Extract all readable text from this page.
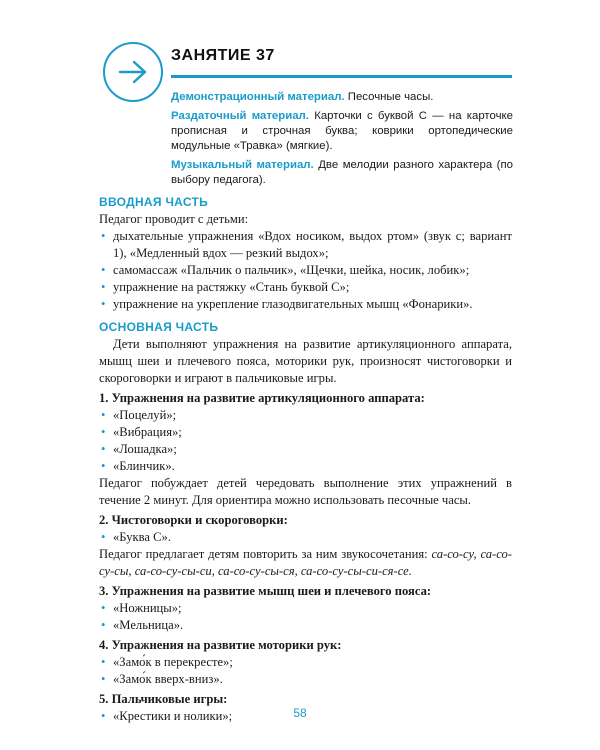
ЗАНЯТИЕ 37

Демонстрационный материал. Песочные часы.

Раздаточный материал. Карточки с буквой С — на карточке прописная и строчная буква; коврики ортопедические модульные «Травка» (мягкие).

Музыкальный материал. Две мелодии разного характера (по выбору педагога).

ВВОДНАЯ ЧАСТЬ

Педагог проводит с детьми:

• дыхательные упражнения «Вдох носиком, выдох ртом» (звук с; вариант 1), «Медленный вдох — резкий выдох»;
• самомассаж «Пальчик о пальчик», «Щечки, шейка, носик, лобик»;
• упражнение на растяжку «Стань буквой С»;
• упражнение на укрепление глазодвигательных мышц «Фонарики».
ОСНОВНАЯ ЧАСТЬ

Дети выполняют упражнения на развитие артикуляционного аппарата, мышц шеи и плечевого пояса, моторики рук, произносят чистоговорки и скороговорки и играют в пальчиковые игры.

1. Упражнения на развитие артикуляционного аппарата:

• «Поцелуй»;
• «Вибрация»;
• «Лошадка»;
• «Блинчик».

Педагог побуждает детей чередовать выполнение этих упражнений в течение 2 минут. Для ориентира можно использовать песочные часы.

2. Чистоговорки и скороговорки:

• «Буква С».

Педагог предлагает детям повторить за ним звукосочетания: са-со-су, са-со-су-сы, са-со-су-сы-си, са-со-су-сы-ся, са-со-су-сы-си-ся-се.

3. Упражнения на развитие мышц шеи и плечевого пояса:

• «Ножницы»;
• «Мельница».

4. Упражнения на развитие моторики рук:

• «Замо́к в перекресте»;
• «Замо́к вверх-вниз».

5. Пальчиковые игры:

• «Крестики и нолики»;	58
